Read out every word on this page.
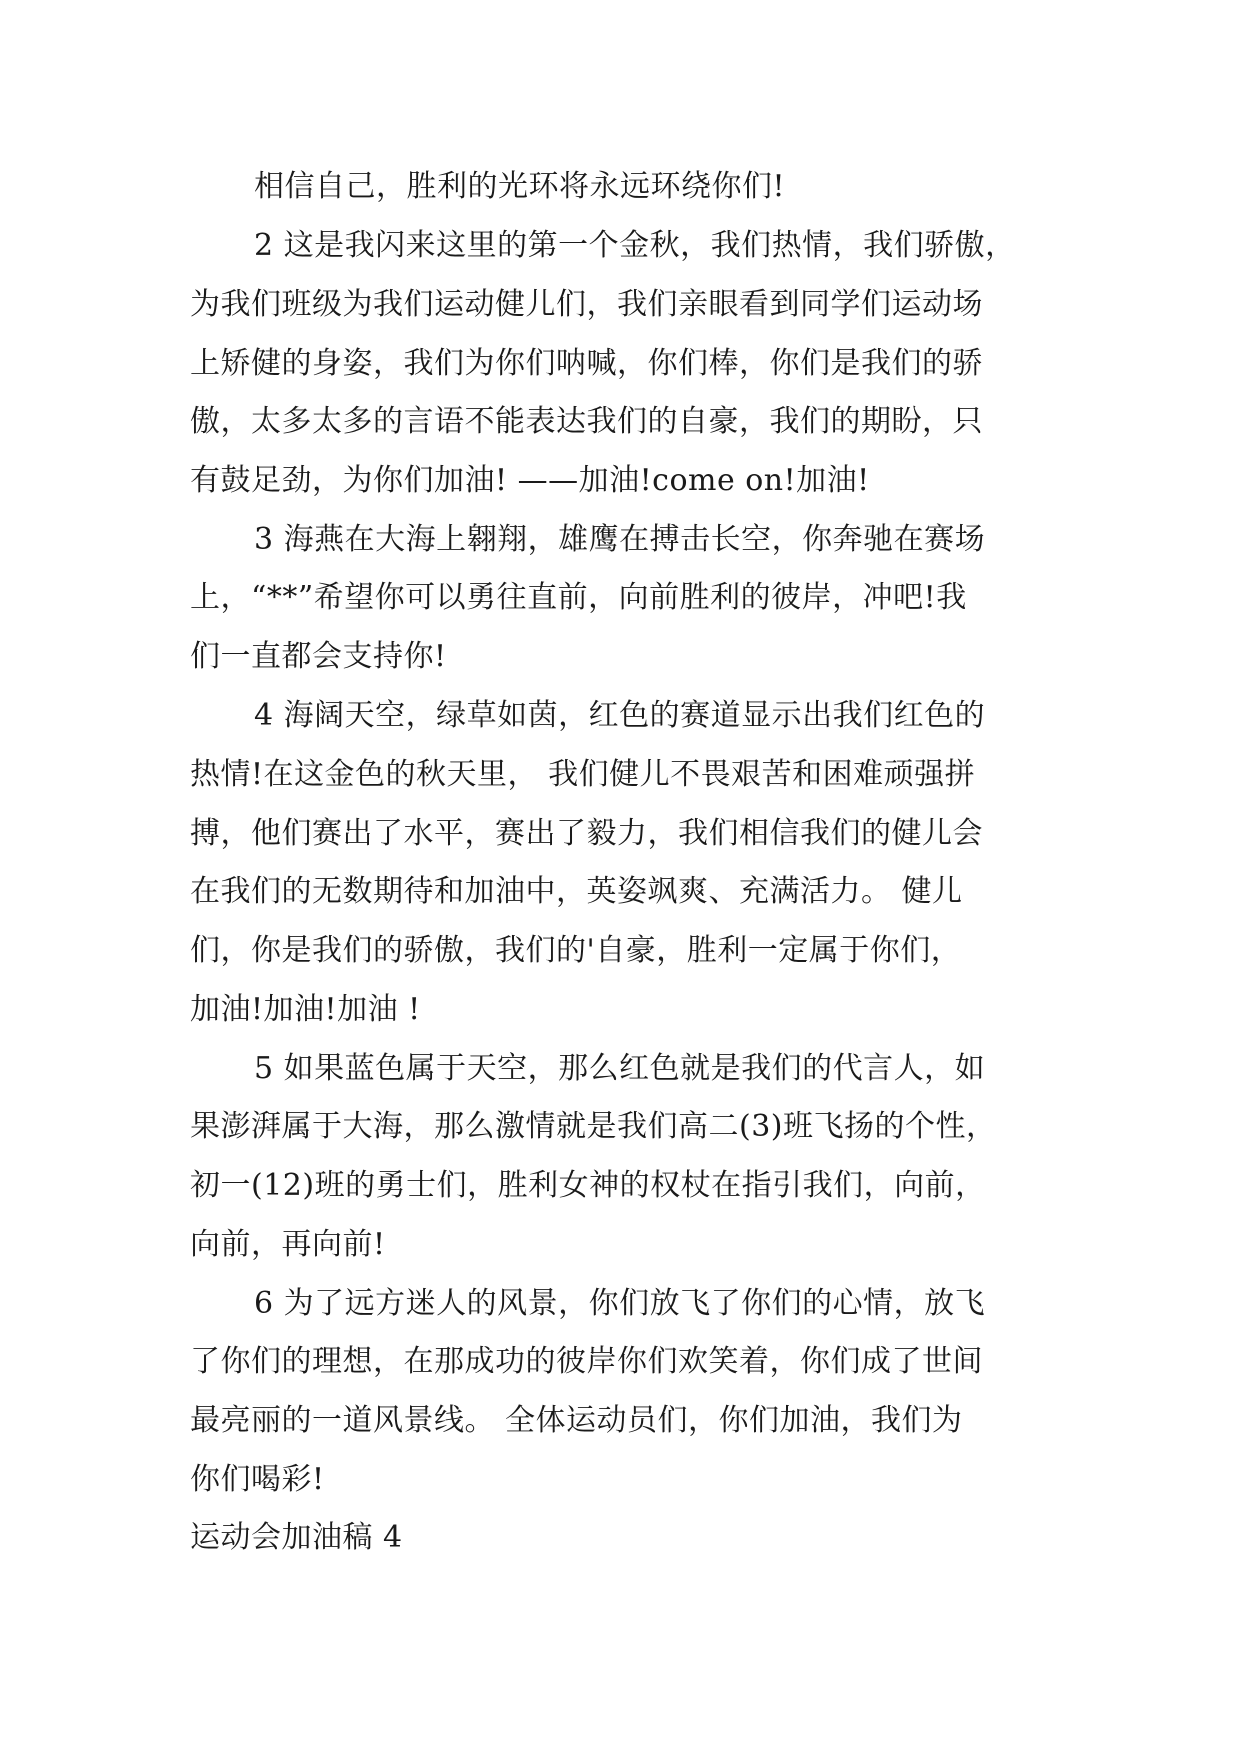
相信自己，胜利的光环将永远环绕你们!
2 这是我闪来这里的第一个金秋，我们热情，我们骄傲，
为我们班级为我们运动健儿们，我们亲眼看到同学们运动场
上矫健的身姿，我们为你们呐喊，你们棒，你们是我们的骄
傲，太多太多的言语不能表达我们的自豪，我们的期盼，只
有鼓足劲，为你们加油! ——加油!come on!加油!
3 海燕在大海上翱翔，雄鹰在搏击长空，你奔驰在赛场
上，“**”希望你可以勇往直前，向前胜利的彼岸，冲吧!我
们一直都会支持你!
4 海阔天空，绿草如茵，红色的赛道显示出我们红色的
热情!在这金色的秋天里， 我们健儿不畏艰苦和困难顽强拼
搏，他们赛出了水平，赛出了毅力，我们相信我们的健儿会
在我们的无数期待和加油中，英姿飒爽、充满活力。 健儿
们，你是我们的骄傲，我们的'自豪，胜利一定属于你们，
加油!加油!加油 !
5 如果蓝色属于天空，那么红色就是我们的代言人，如
果澎湃属于大海，那么激情就是我们高二(3)班飞扬的个性，
初一(12)班的勇士们，胜利女神的权杖在指引我们，向前，
向前，再向前!
6 为了远方迷人的风景，你们放飞了你们的心情，放飞
了你们的理想，在那成功的彼岸你们欢笑着，你们成了世间
最亮丽的一道风景线。 全体运动员们，你们加油，我们为
你们喝彩!
运动会加油稿 4
